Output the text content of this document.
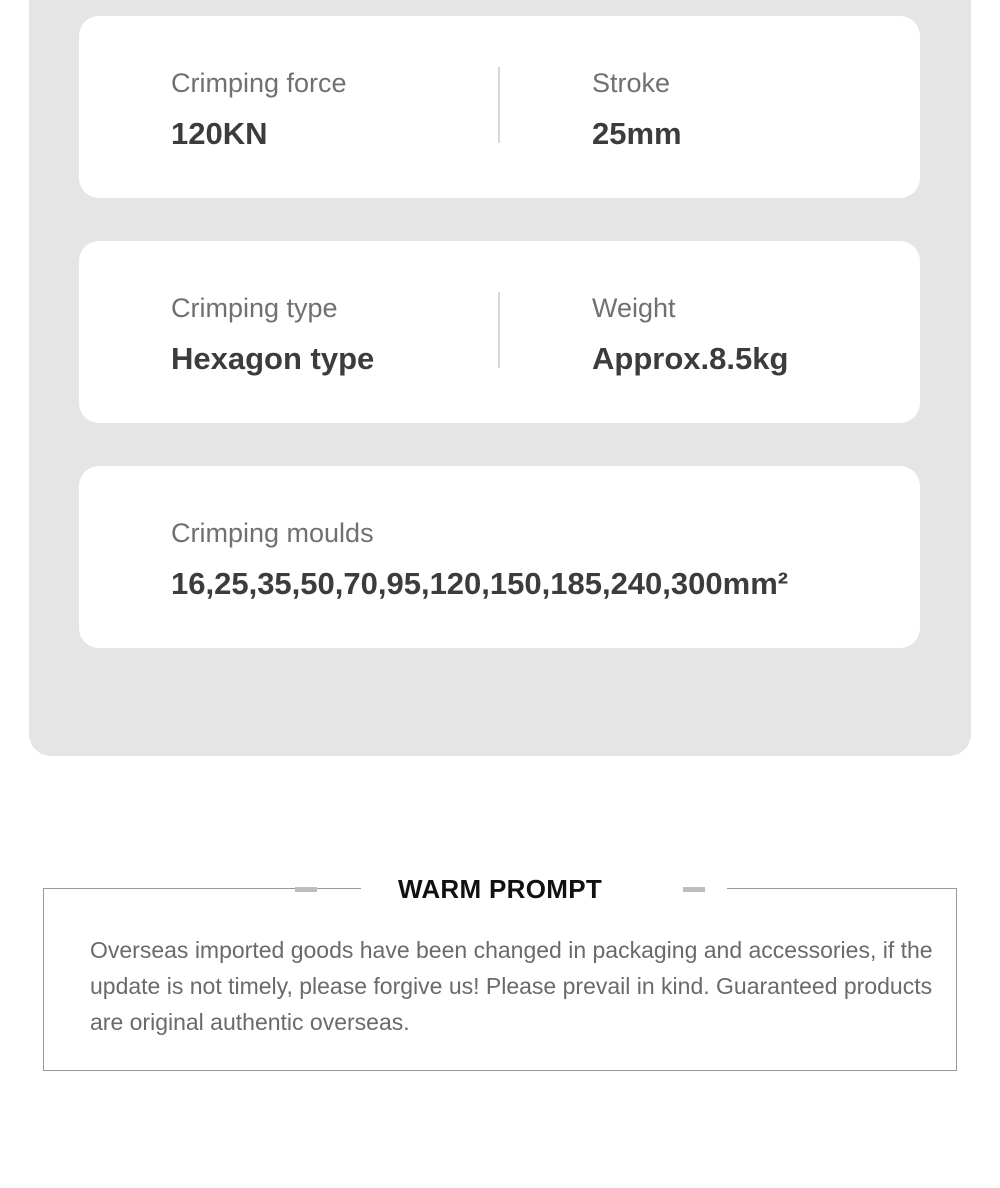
Crimping force
120KN
Stroke
25mm
Crimping type
Hexagon type
Weight
Approx.8.5kg
Crimping moulds
16,25,35,50,70,95,120,150,185,240,300mm²
WARM PROMPT
Overseas imported goods have been changed in packaging and accessories, if the update is not timely, please forgive us! Please prevail in kind. Guaranteed products are original authentic overseas.
